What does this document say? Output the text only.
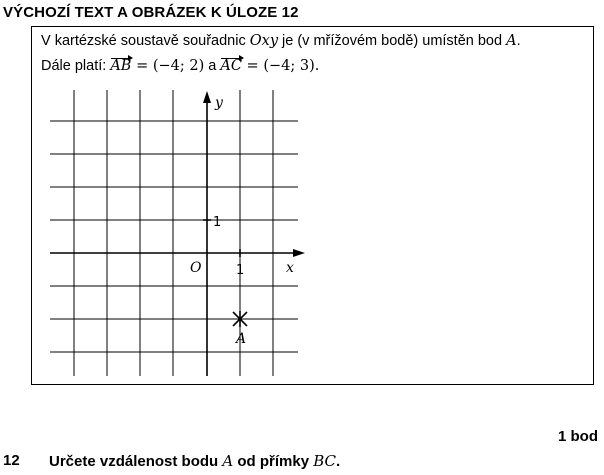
VÝCHOZÍ TEXT A OBRÁZEK K ÚLOZE 12
V kartézské soustavě souřadnic Oxy je (v mřížovém bodě) umístěn bod A.
Dále platí: AB = (−4; 2) a AC = (−4; 3).
y
x
O	1
1
A
1 bod
12 Určete vzdálenost bodu A od přímky BC.
